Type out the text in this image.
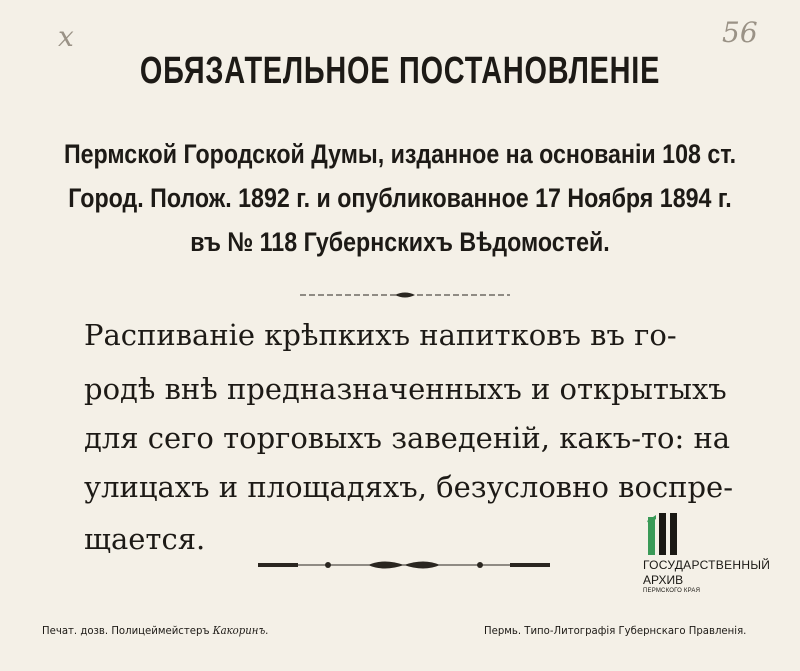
х	56
ОБЯЗАТЕЛЬНОЕ ПОСТАНОВЛЕНІЕ
Пермской Городской Думы, изданное на основаніи 108 ст.
Город. Полож. 1892 г. и опубликованное 17 Ноября 1894 г.
въ № 118 Губернскихъ Вѣдомостей.
Распиваніе крѣпкихъ напитковъ въ го-
родѣ внѣ предназначенныхъ и открытыхъ
для сего торговыхъ заведеній, какъ-то: на
улицахъ и площадяхъ, безусловно воспре-
щается.
ГОСУДАРСТВЕННЫЙ
АРХИВ
ПЕРМСКОГО КРАЯ
Печат. дозв. Полицеймейстеръ Какоринъ.	Пермь. Типо-Литографія Губернскаго Правленія.
